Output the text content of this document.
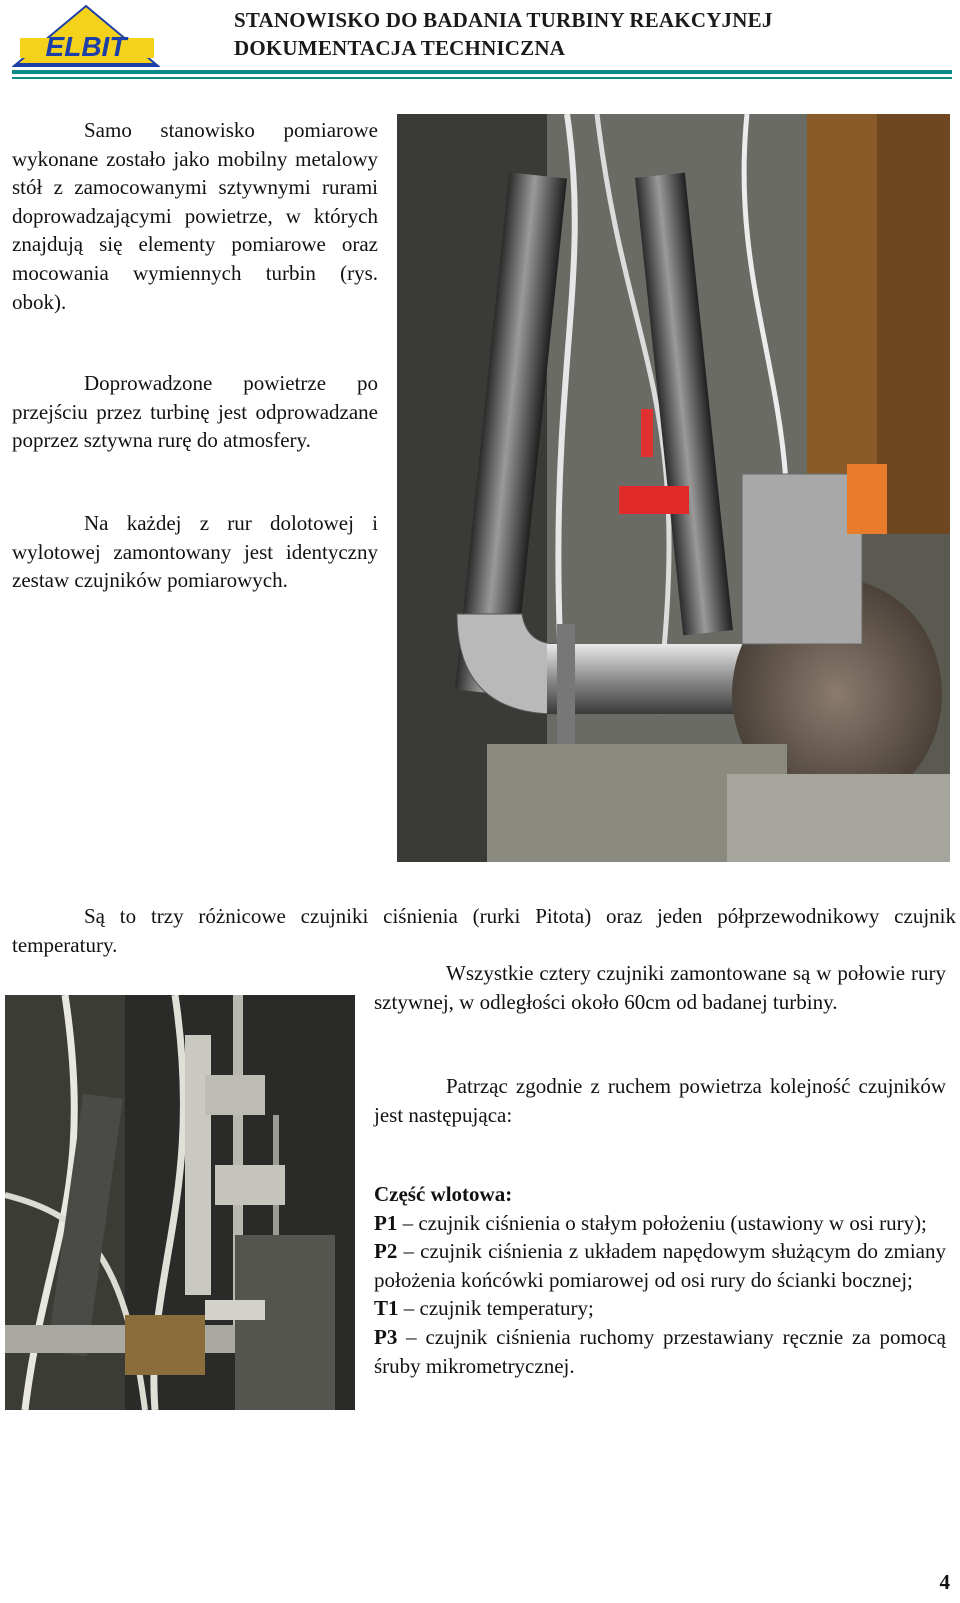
ELBIT
STANOWISKO DO BADANIA TURBINY REAKCYJNEJ
DOKUMENTACJA TECHNICZNA

Samo stanowisko pomiarowe wykonane zostało jako mobilny metalowy stół z zamocowanymi sztywnymi rurami doprowadzającymi powietrze, w których znajdują się elementy pomiarowe oraz mocowania wymiennych turbin (rys. obok).

Doprowadzone powietrze po przejściu przez turbinę jest odprowadzane poprzez sztywna rurę do atmosfery.

Na każdej z rur dolotowej i wylotowej zamontowany jest identyczny zestaw czujników pomiarowych.

Są to trzy różnicowe czujniki ciśnienia (rurki Pitota) oraz jeden półprzewodnikowy czujnik temperatury.

Wszystkie cztery czujniki zamontowane są w połowie rury sztywnej, w odległości około 60cm od badanej turbiny.

Patrząc zgodnie z ruchem powietrza kolejność czujników jest następująca:

Część wlotowa:

P1 – czujnik ciśnienia o stałym położeniu (ustawiony w osi rury);

P2 – czujnik ciśnienia z układem napędowym służącym do zmiany położenia końcówki pomiarowej od osi rury do ścianki bocznej;

T1 – czujnik temperatury;

P3 – czujnik ciśnienia ruchomy przestawiany ręcznie za pomocą śruby mikrometrycznej.

4
